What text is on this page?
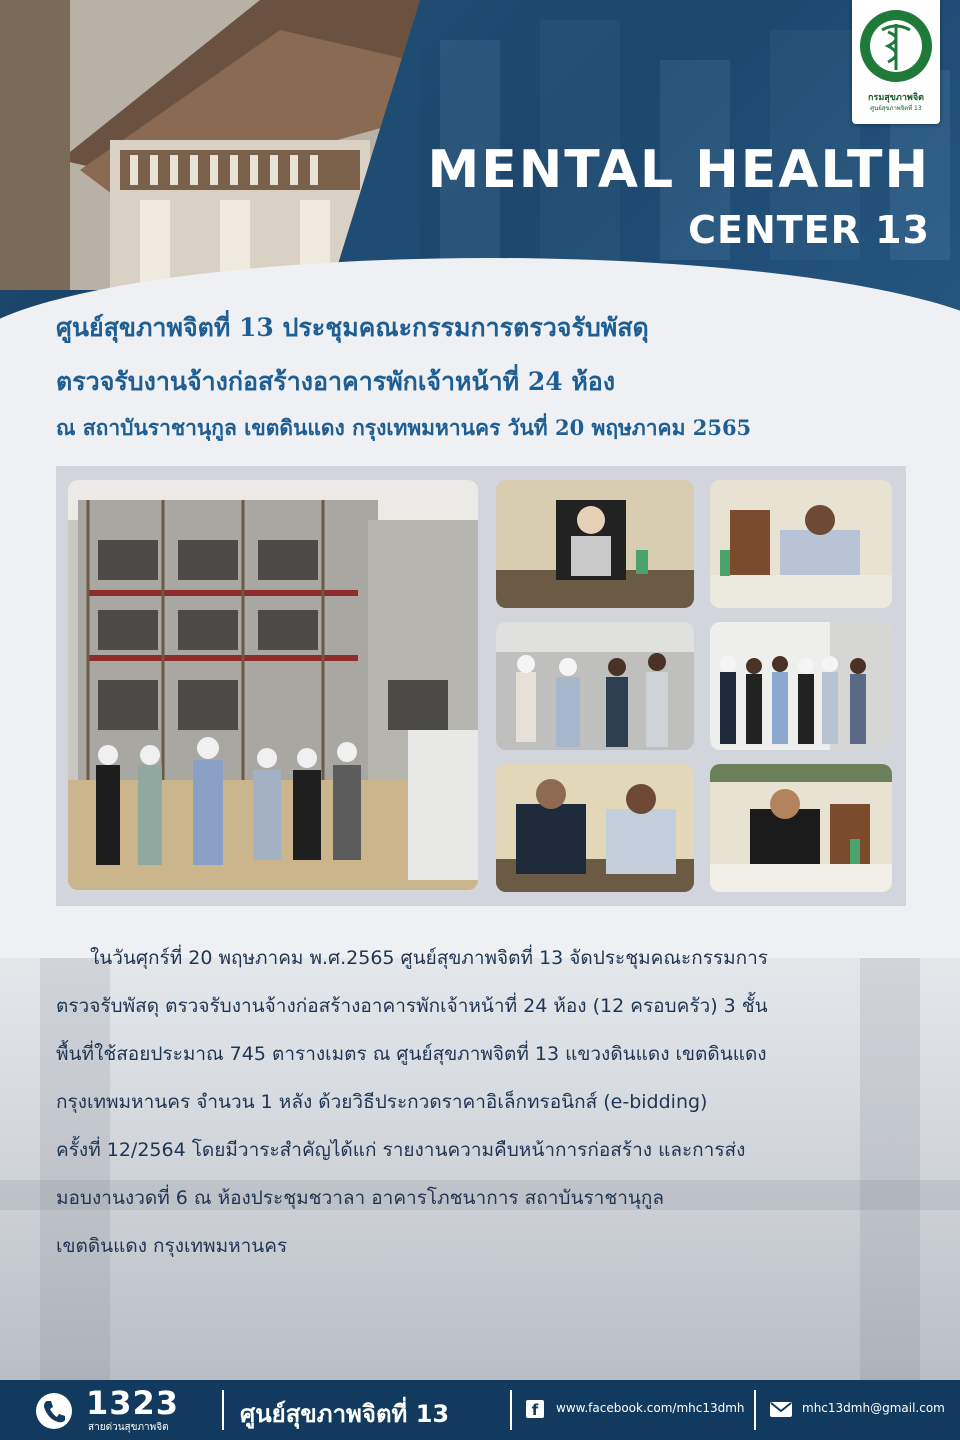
กรมสุขภาพจิต
ศูนย์สุขภาพจิตที่ 13
MENTAL HEALTH
CENTER 13
ศูนย์สุขภาพจิตที่ 13 ประชุมคณะกรรมการตรวจรับพัสดุ
ตรวจรับงานจ้างก่อสร้างอาคารพักเจ้าหน้าที่ 24 ห้อง
ณ สถาบันราชานุกูล เขตดินแดง กรุงเทพมหานคร วันที่ 20 พฤษภาคม 2565
ในวันศุกร์ที่ 20 พฤษภาคม พ.ศ.2565 ศูนย์สุขภาพจิตที่ 13 จัดประชุมคณะกรรมการ
ตรวจรับพัสดุ ตรวจรับงานจ้างก่อสร้างอาคารพักเจ้าหน้าที่ 24 ห้อง (12 ครอบครัว) 3 ชั้น
พื้นที่ใช้สอยประมาณ 745 ตารางเมตร ณ ศูนย์สุขภาพจิตที่ 13 แขวงดินแดง เขตดินแดง
กรุงเทพมหานคร จำนวน 1 หลัง ด้วยวิธีประกวดราคาอิเล็กทรอนิกส์ (e-bidding)
ครั้งที่ 12/2564 โดยมีวาระสำคัญได้แก่ รายงานความคืบหน้าการก่อสร้าง และการส่ง
มอบงานงวดที่ 6 ณ ห้องประชุมชวาลา อาคารโภชนาการ สถาบันราชานุกูล
เขตดินแดง กรุงเทพมหานคร
1323
สายด่วนสุขภาพจิต	ศูนย์สุขภาพจิตที่ 13	f	www.facebook.com/mhc13dmh	mhc13dmh@gmail.com
